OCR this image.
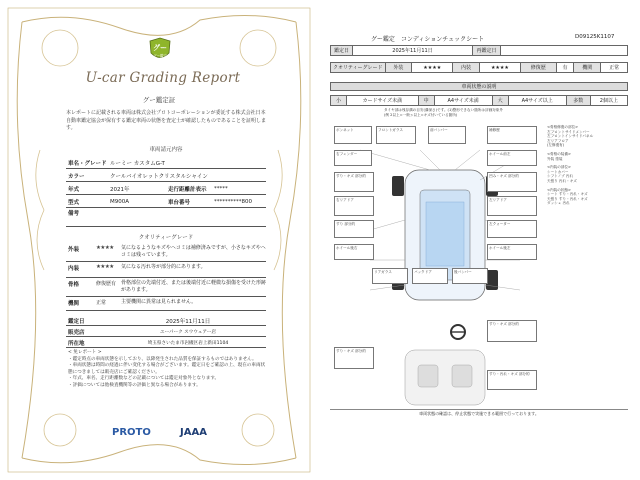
グー
グー鑑定
U-car Grading Report
グー鑑定証
本レポートに記載される車両は株式会社プロトコーポレーションが委託する株式会社日本自動車鑑定協会が保有する鑑定車両の状態を査定士が確認したものであることを証明します。
車両請元内容
車名・グレード ルーミー カスタムG-T
カラー	クールバイオレットクリスタルシャイン
年式	2021年	走行距離計表示	*****
型式	M900A	車台番号	**********800
備考
クオリティーグレード
外装	★★★★	気になるようなキズやヘコミは補修済みですが、小さなキズやヘコミは残っています。
内装	★★★★	気になる汚れ等が部分的にあります。
骨格	修復歴有 骨格部位の先端付近、または後端付近に軽微な損傷を受けた形跡があります。
機関	正常	主要機関に異常は見られません。
鑑定日	2025年11月11日
販売店	ユーパーク スウウェアー店
所在地	埼玉県さいたま市岩槻区岩上新田1104
< 免レポート >
・鑑定時点の車両状態を示しており、以降発生された品質を保証するものではありません。
・車両状態は時間の経過に伴い変化する場合がございます。鑑定日をご確認の上、現在の車両状態につきましては販売店にご確認ください。
・年式、車名、走行距離数などの記載については鑑定対象外となります。
・評価については他検査機関等の評価と異なる場合があります。
PROTO	JAAA
グー鑑定　コンディションチェックシート	D09125K1107
鑑定日	2025年11月11日	再鑑定日	
クオリティーグレード	外装	★★★★	内装	★★★★	修復歴	有	機関	正常
車両状態の説明
小	カードサイズ未満	中	A4サイズ未満	大	A4サイズ以上	多数	2個以上
タイヤ部は残存溝の目安(溝深さ)です。(1)整形できない箇所は評価対象外
(例 2以上=一般ヵ以上=キズ付いている箇所)
ボンネット	フロントガラス	前バンパー	補修歴
右フェンダー	ホイール前左
すり・キズ 部分的	凹み・キズ 部分的
右リアドア	左リアドア
すり 部分的	左クォーター
ホイール後右	ホイール後左
リアガラス	バックドア	後バンパー
すり・キズ 部分的
すり・キズ 部分的
すり・汚れ・キズ 部分的
<骨格修復の部位>
左フロントサイドメンバー
左フロントインサイドパネル
左リアフロア
(左修復有)
<骨格の装備>
外装 塗装
<内装の部位>
シートカバー
シフトノブ 汚れ
天張り 汚れ・キズ
<内装の状態>
シート すり・汚れ・キズ
天張り すり・汚れ・キズ
ダッシュ 汚れ
車両状態の確認は、停止状態で実施できる範囲で行っております。
